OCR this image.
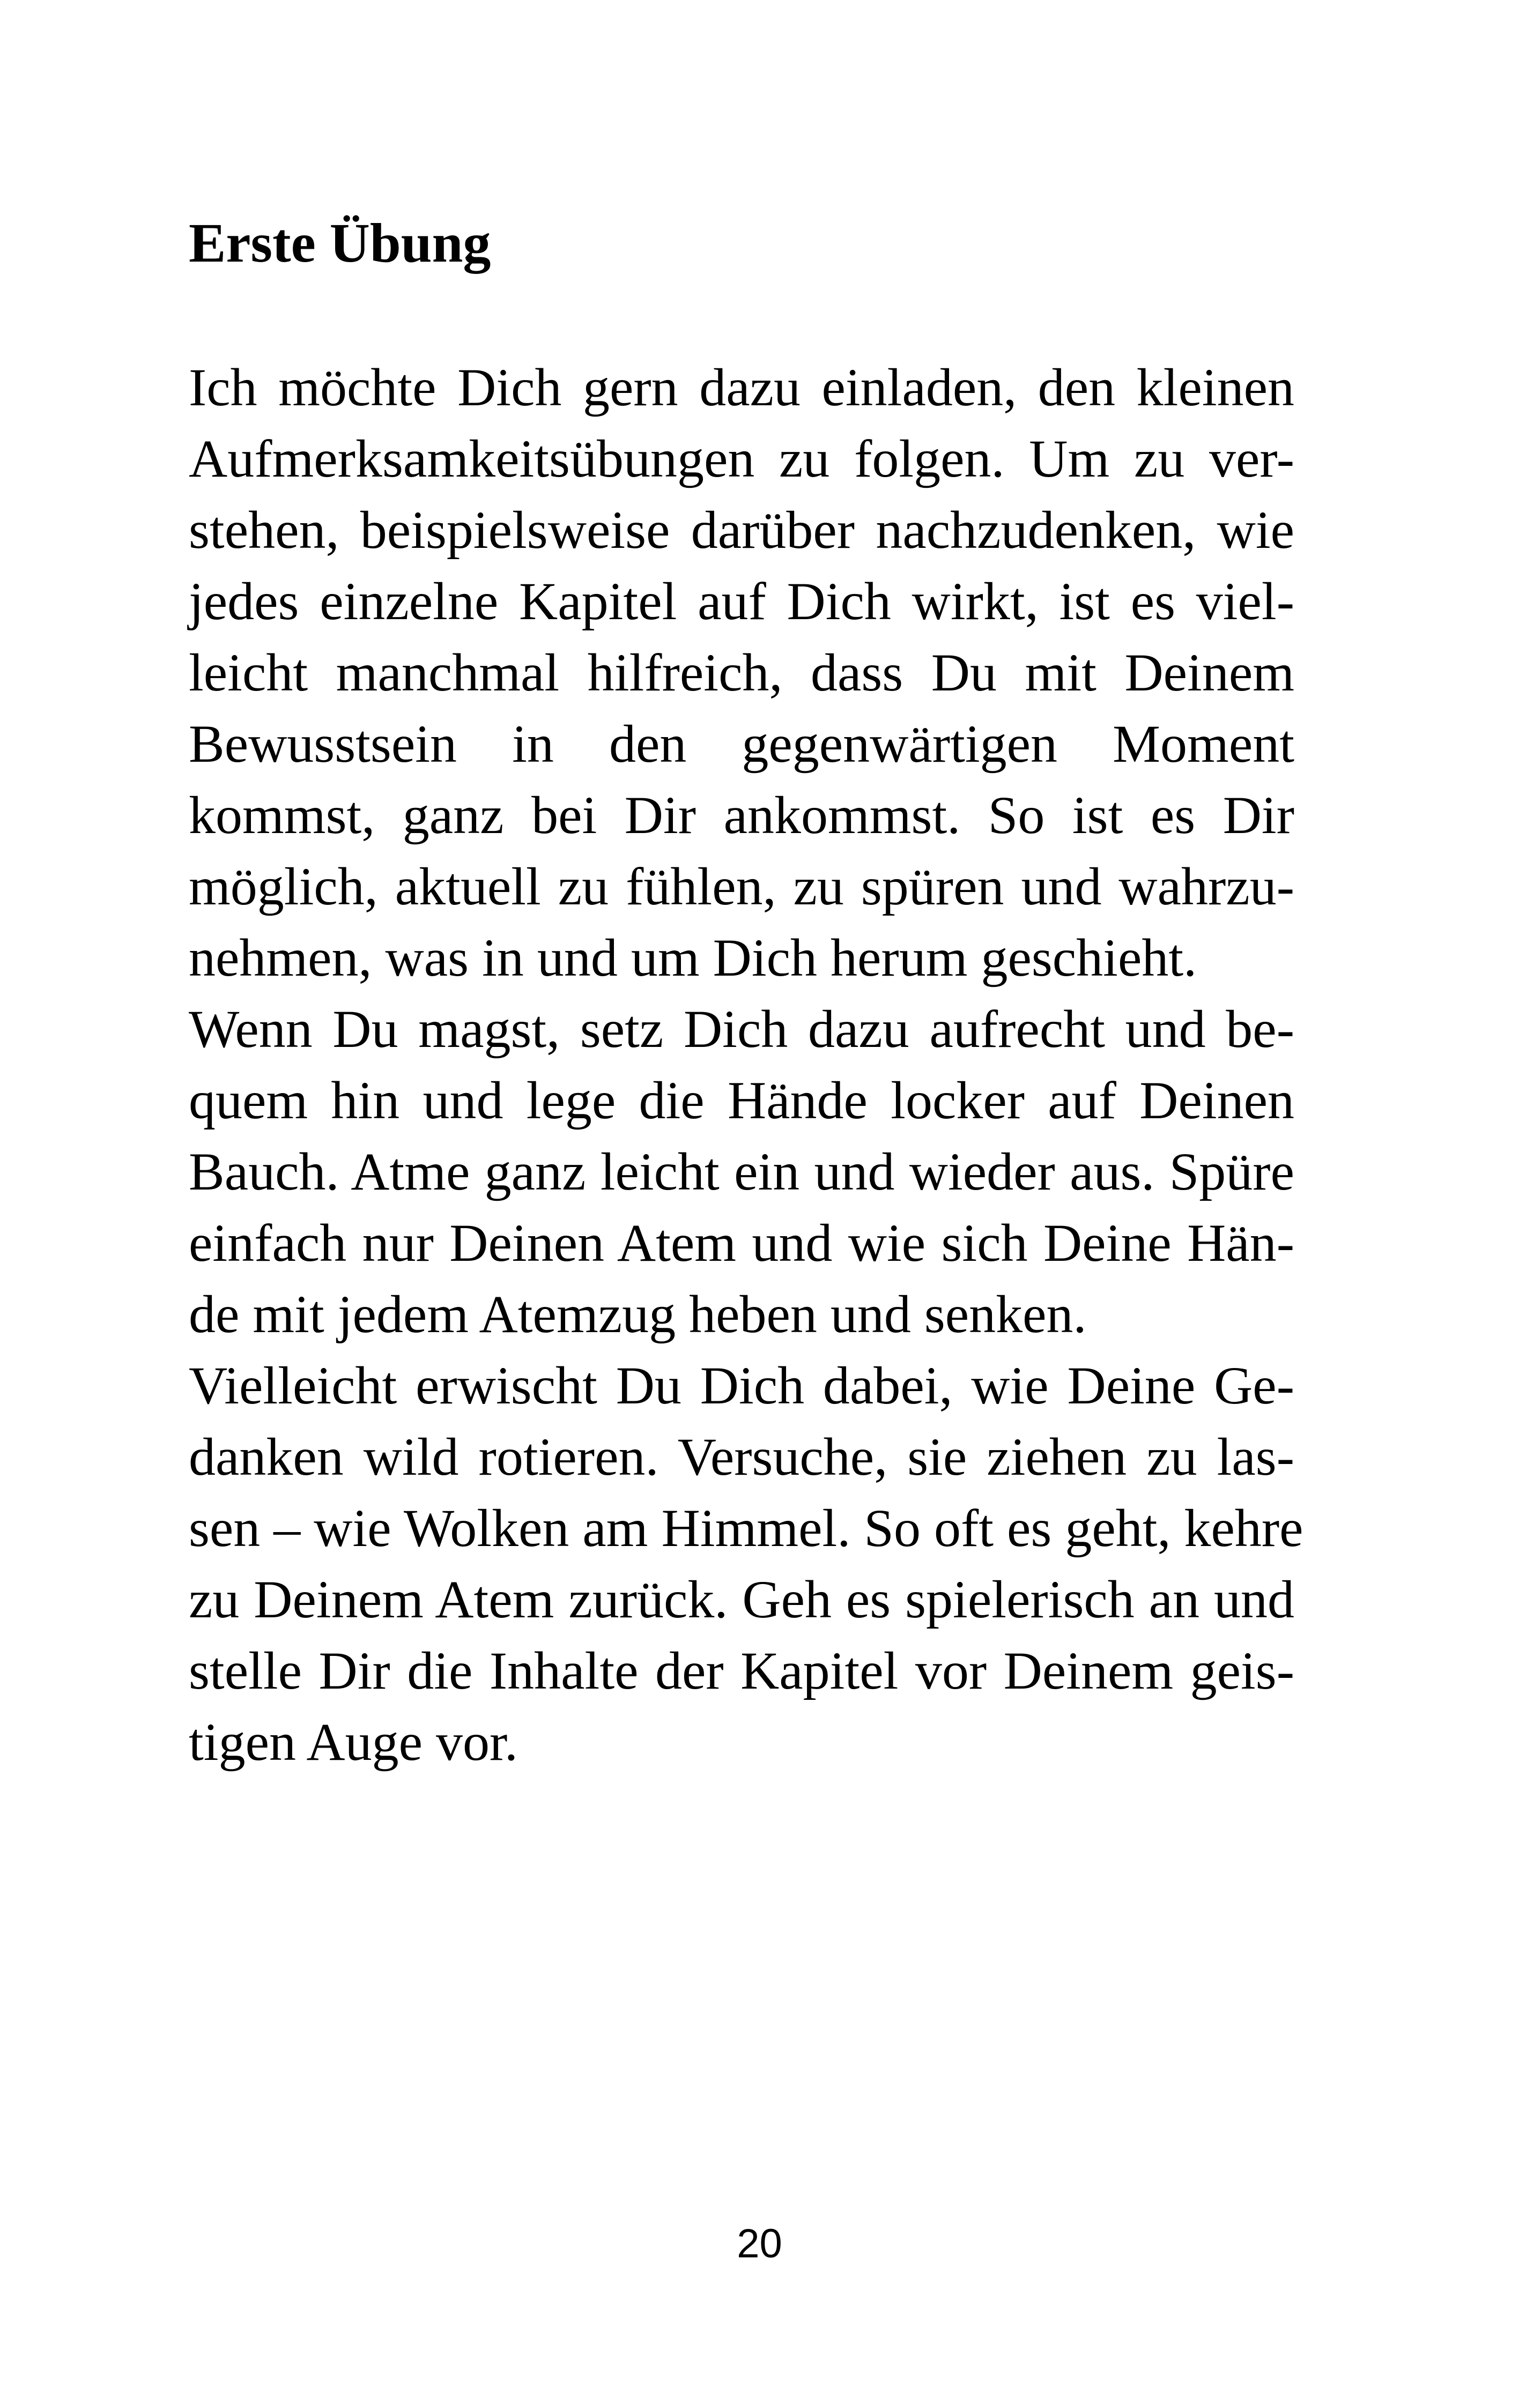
Erste Übung
Ich möchte Dich gern dazu einladen, den kleinen
Aufmerksamkeitsübungen zu folgen. Um zu ver-
stehen, beispielsweise darüber nachzudenken, wie
jedes einzelne Kapitel auf Dich wirkt, ist es viel-
leicht manchmal hilfreich, dass Du mit Deinem
Bewusstsein in den gegenwärtigen Moment
kommst, ganz bei Dir ankommst. So ist es Dir
möglich, aktuell zu fühlen, zu spüren und wahrzu-
nehmen, was in und um Dich herum geschieht.
Wenn Du magst, setz Dich dazu aufrecht und be-
quem hin und lege die Hände locker auf Deinen
Bauch. Atme ganz leicht ein und wieder aus. Spüre
einfach nur Deinen Atem und wie sich Deine Hän-
de mit jedem Atemzug heben und senken.
Vielleicht erwischt Du Dich dabei, wie Deine Ge-
danken wild rotieren. Versuche, sie ziehen zu las-
sen – wie Wolken am Himmel. So oft es geht, kehre
zu Deinem Atem zurück. Geh es spielerisch an und
stelle Dir die Inhalte der Kapitel vor Deinem geis-
tigen Auge vor.
20
